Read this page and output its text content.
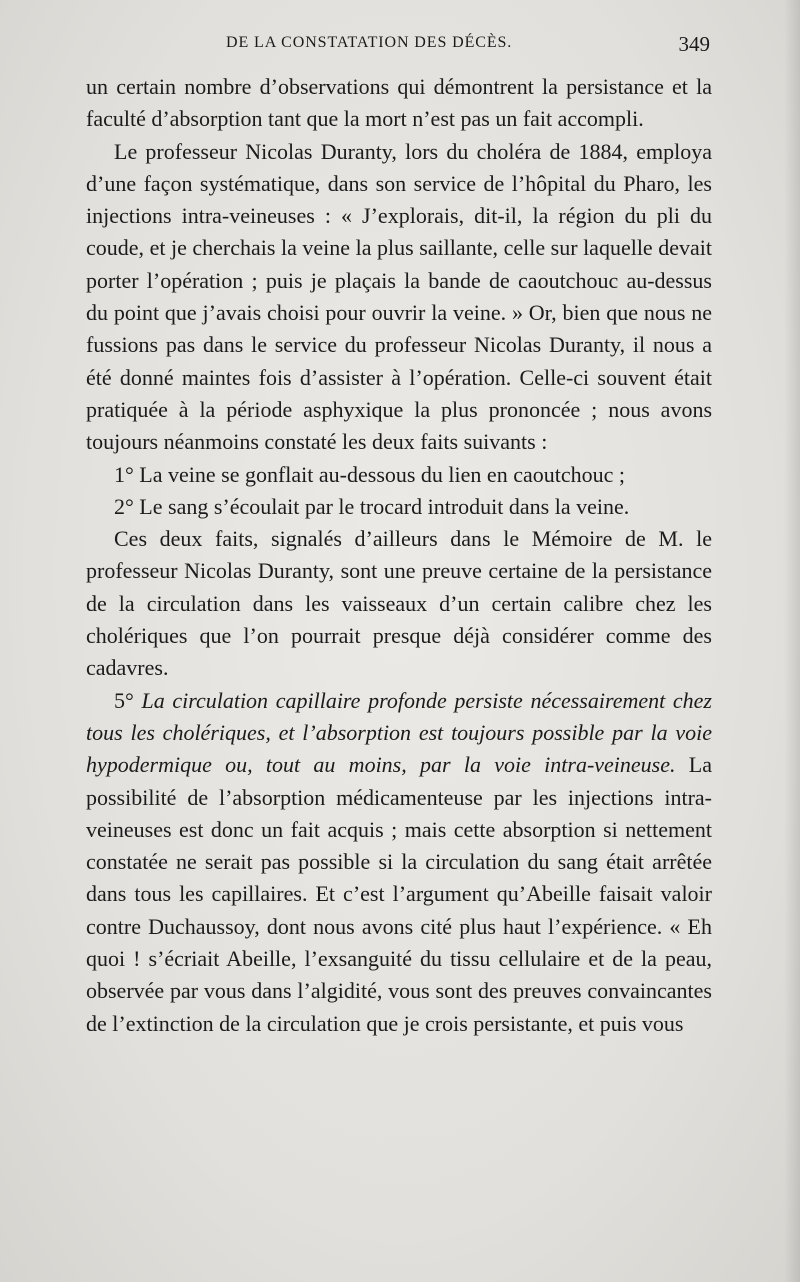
DE LA CONSTATATION DES DÉCÈS.	349

un certain nombre d’observations qui démontrent la persistance et la faculté d’absorption tant que la mort n’est pas un fait accompli.

Le professeur Nicolas Duranty, lors du choléra de 1884, employa d’une façon systématique, dans son service de l’hôpital du Pharo, les injections intra-veineuses : « J’explorais, dit-il, la région du pli du coude, et je cherchais la veine la plus saillante, celle sur laquelle devait porter l’opération ; puis je plaçais la bande de caoutchouc au-dessus du point que j’avais choisi pour ouvrir la veine. » Or, bien que nous ne fussions pas dans le service du professeur Nicolas Duranty, il nous a été donné maintes fois d’assister à l’opération. Celle-ci souvent était pratiquée à la période asphyxique la plus prononcée ; nous avons toujours néanmoins constaté les deux faits suivants :

1° La veine se gonflait au-dessous du lien en caoutchouc ;

2° Le sang s’écoulait par le trocard introduit dans la veine.

Ces deux faits, signalés d’ailleurs dans le Mémoire de M. le professeur Nicolas Duranty, sont une preuve certaine de la persistance de la circulation dans les vaisseaux d’un certain calibre chez les cholériques que l’on pourrait presque déjà considérer comme des cadavres.

5° La circulation capillaire profonde persiste nécessairement chez tous les cholériques, et l’absorption est toujours possible par la voie hypodermique ou, tout au moins, par la voie intra-veineuse. La possibilité de l’absorption médicamenteuse par les injections intra-veineuses est donc un fait acquis ; mais cette absorption si nettement constatée ne serait pas possible si la circulation du sang était arrêtée dans tous les capillaires. Et c’est l’argument qu’Abeille faisait valoir contre Duchaussoy, dont nous avons cité plus haut l’expérience. « Eh quoi ! s’écriait Abeille, l’exsanguité du tissu cellulaire et de la peau, observée par vous dans l’algidité, vous sont des preuves convaincantes de l’extinction de la circulation que je crois persistante, et puis vous
